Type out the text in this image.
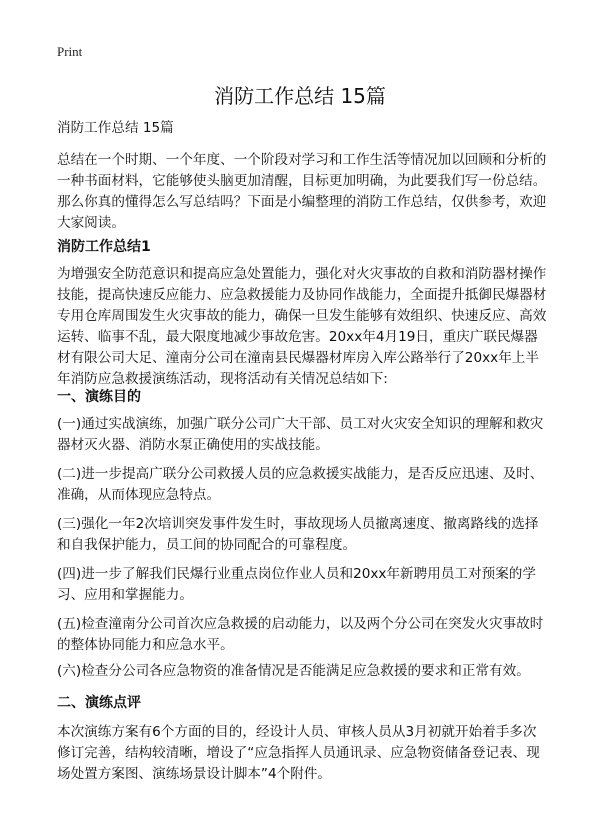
Print
消防工作总结 15篇

消防工作总结 15篇

总结在一个时期、一个年度、一个阶段对学习和工作生活等情况加以回顾和分析的一种书面材料，它能够使头脑更加清醒，目标更加明确，为此要我们写一份总结。那么你真的懂得怎么写总结吗？下面是小编整理的消防工作总结，仅供参考，欢迎大家阅读。

消防工作总结1

为增强安全防范意识和提高应急处置能力，强化对火灾事故的自救和消防器材操作技能，提高快速反应能力、应急救援能力及协同作战能力，全面提升抵御民爆器材专用仓库周围发生火灾事故的能力，确保一旦发生能够有效组织、快速反应、高效运转、临事不乱，最大限度地减少事故危害。20xx年4月19日，重庆广联民爆器材有限公司大足、潼南分公司在潼南县民爆器材库房入库公路举行了20xx年上半年消防应急救援演练活动，现将活动有关情况总结如下:

一、演练目的

(一)通过实战演练，加强广联分公司广大干部、员工对火灾安全知识的理解和救灾器材灭火器、消防水泵正确使用的实战技能。

(二)进一步提高广联分公司救援人员的应急救援实战能力，是否反应迅速、及时、准确，从而体现应急特点。

(三)强化一年2次培训突发事件发生时，事故现场人员撤离速度、撤离路线的选择和自我保护能力，员工间的协同配合的可靠程度。

(四)进一步了解我们民爆行业重点岗位作业人员和20xx年新聘用员工对预案的学习、应用和掌握能力。

(五)检查潼南分公司首次应急救援的启动能力，以及两个分公司在突发火灾事故时的整体协同能力和应急水平。

(六)检查分公司各应急物资的准备情况是否能满足应急救援的要求和正常有效。

二、演练点评

本次演练方案有6个方面的目的，经设计人员、审核人员从3月初就开始着手多次修订完善，结构较清晰，增设了“应急指挥人员通讯录、应急物资储备登记表、现场处置方案图、演练场景设计脚本”4个附件。
